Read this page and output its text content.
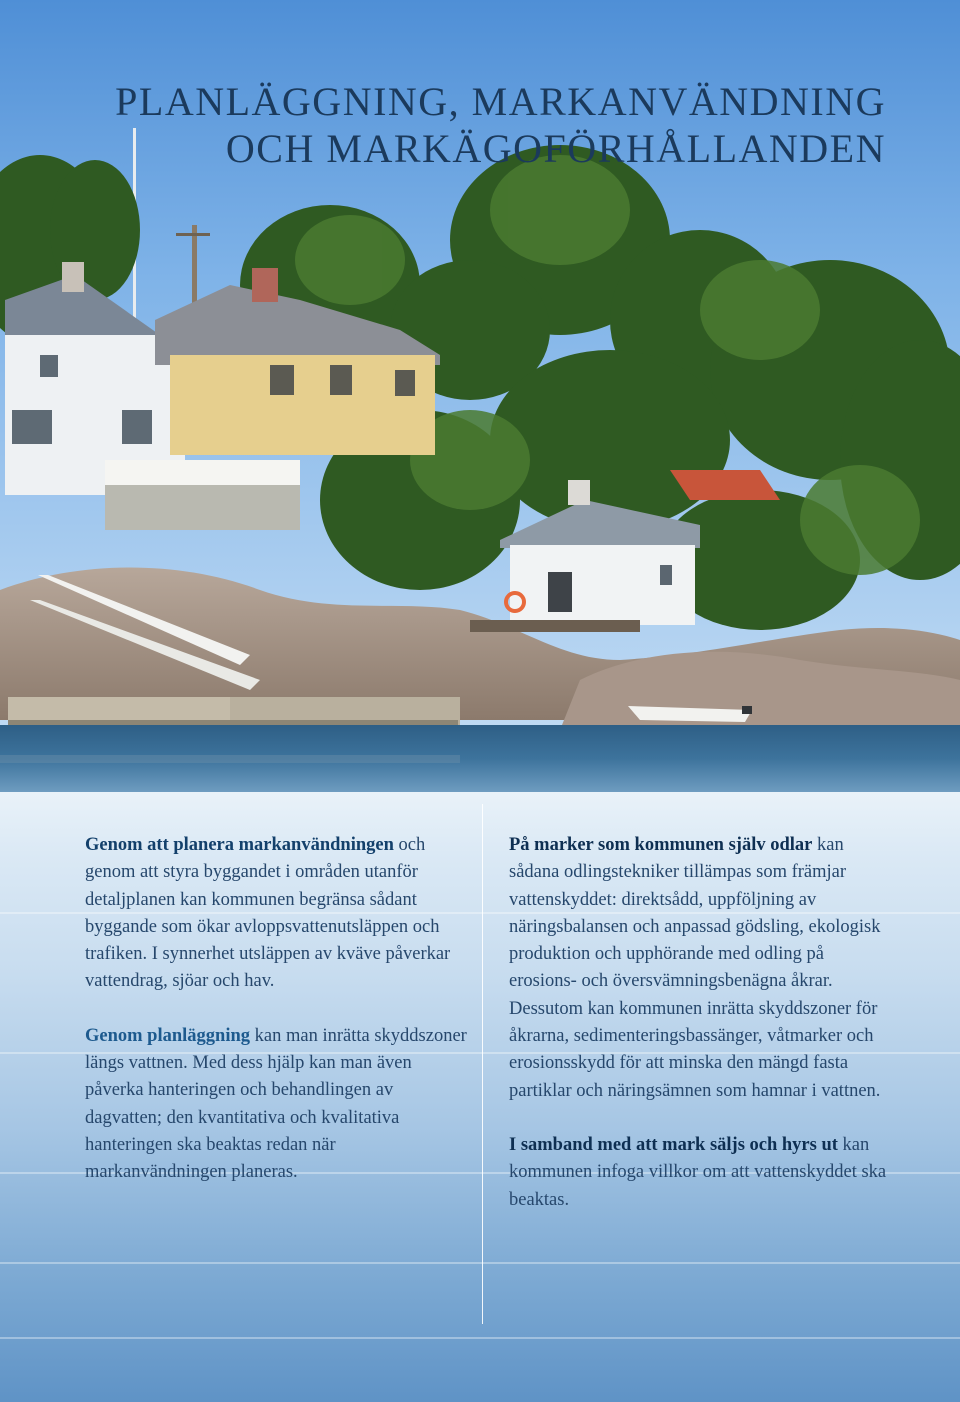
PLANLÄGGNING, MARKANVÄNDNING
OCH MARKÄGOFÖRHÅLLANDEN

Genom att planera markanvändningen och genom att styra byggandet i områden utanför detaljplanen kan kommunen begränsa sådant byggande som ökar avloppsvattenutsläppen och trafiken. I synnerhet utsläppen av kväve påverkar vattendrag, sjöar och hav.

Genom planläggning kan man inrätta skyddszoner längs vattnen. Med dess hjälp kan man även påverka hanteringen och behandlingen av dagvatten; den kvantitativa och kvalitativa hanteringen ska beaktas redan när markanvändningen planeras.

På marker som kommunen själv odlar kan sådana odlingstekniker tillämpas som främjar vattenskyddet: direktsådd, uppföljning av näringsbalansen och anpassad gödsling, ekologisk produktion och upphörande med odling på erosions- och översvämningsbenägna åkrar. Dessutom kan kommunen inrätta skyddszoner för åkrarna, sedimenteringsbassänger, våtmarker och erosionsskydd för att minska den mängd fasta partiklar och näringsämnen som hamnar i vattnen.

I samband med att mark säljs och hyrs ut kan kommunen infoga villkor om att vattenskyddet ska beaktas.
